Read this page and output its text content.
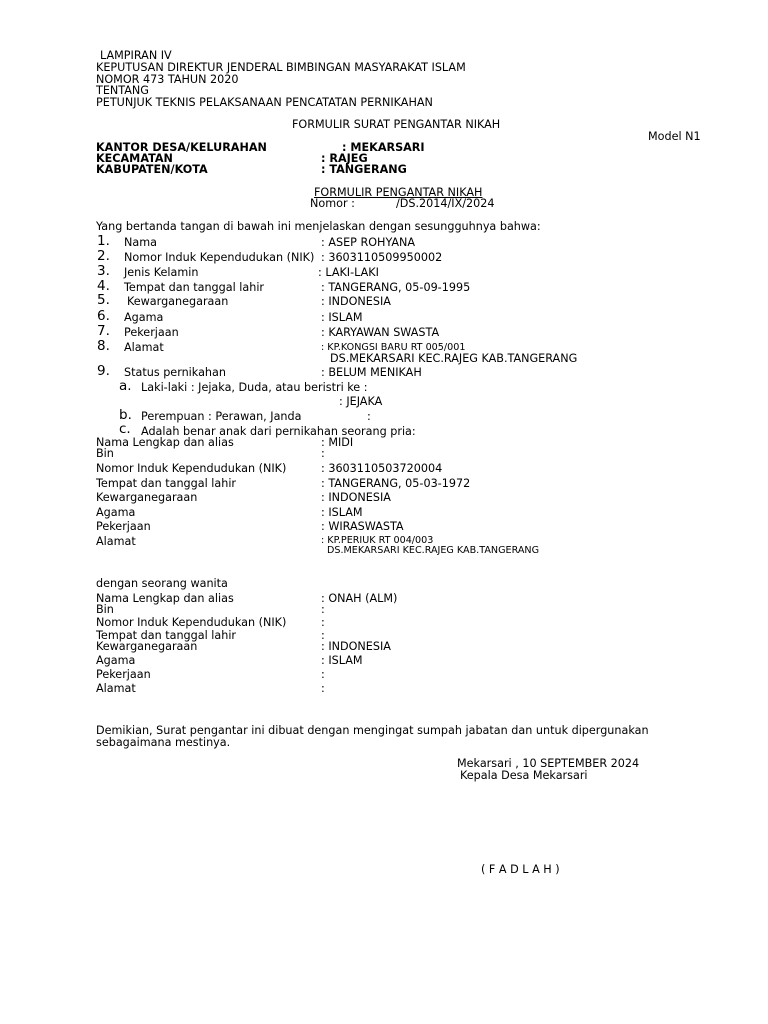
LAMPIRAN IV
KEPUTUSAN DIREKTUR JENDERAL BIMBINGAN MASYARAKAT ISLAM
NOMOR 473 TAHUN 2020
TENTANG
PETUNJUK TEKNIS PELAKSANAAN PENCATATAN PERNIKAHAN
FORMULIR SURAT PENGANTAR NIKAH
Model N1
KANTOR DESA/KELURAHAN	: MEKARSARI
KECAMATAN	: RAJEG
KABUPATEN/KOTA	: TANGERANG
FORMULIR PENGANTAR NIKAH
Nomor :	/DS.2014/IX/2024
Yang bertanda tangan di bawah ini menjelaskan dengan sesungguhnya bahwa:
1. Nama	: ASEP ROHYANA
2. Nomor Induk Kependudukan (NIK) : 3603110509950002
3. Jenis Kelamin	: LAKI-LAKI
4. Tempat dan tanggal lahir	: TANGERANG, 05-09-1995
5. Kewarganegaraan	: INDONESIA
6. Agama	: ISLAM
7. Pekerjaan	: KARYAWAN SWASTA
8. Alamat	: KP.KONGSI BARU RT 005/001
DS.MEKARSARI KEC.RAJEG KAB.TANGERANG
9. Status pernikahan	: BELUM MENIKAH
a. Laki-laki : Jejaka, Duda, atau beristri ke :
: JEJAKA
b. Perempuan : Perawan, Janda	:
c. Adalah benar anak dari pernikahan seorang pria:
Nama Lengkap dan alias	: MIDI
Bin	:
Nomor Induk Kependudukan (NIK)	: 3603110503720004
Tempat dan tanggal lahir	: TANGERANG, 05-03-1972
Kewarganegaraan	: INDONESIA
Agama	: ISLAM
Pekerjaan	: WIRASWASTA
Alamat	: KP.PERIUK RT 004/003
DS.MEKARSARI KEC.RAJEG KAB.TANGERANG
dengan seorang wanita
Nama Lengkap dan alias	: ONAH (ALM)
Bin	:
Nomor Induk Kependudukan (NIK)	:
Tempat dan tanggal lahir	:
Kewarganegaraan	: INDONESIA
Agama	: ISLAM
Pekerjaan	:
Alamat	:
Demikian, Surat pengantar ini dibuat dengan mengingat sumpah jabatan dan untuk dipergunakan
sebagaimana mestinya.
Mekarsari , 10 SEPTEMBER 2024
Kepala Desa Mekarsari
( F A D L A H )
